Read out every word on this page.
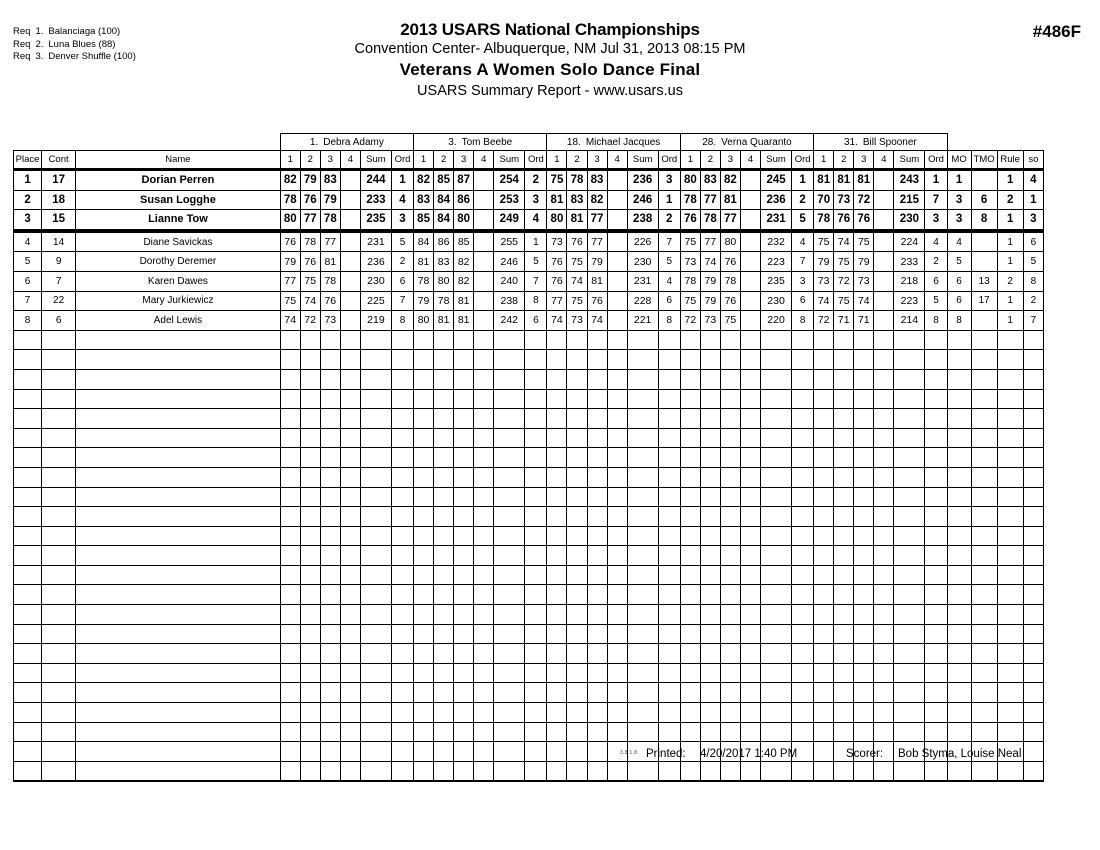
Req 1. Balanciaga (100)
Req 2. Luna Blues (88)
Req 3. Denver Shuffle (100)
2013 USARS National Championships
Convention Center- Albuquerque, NM Jul 31, 2013 08:15 PM
Veterans A Women Solo Dance Final
USARS Summary Report - www.usars.us
#486F
			1. Debra Adamy						3. Tom Beebe						18. Michael Jacques						28. Verna Quaranto						31. Bill Spooner									
Place	Cont	Name	1	2	3	4	Sum	Ord	1	2	3	4	Sum	Ord	1	2	3	4	Sum	Ord	1	2	3	4	Sum	Ord	1	2	3	4	Sum	Ord	MO	TMO	Rule	so
1	17	Dorian Perren	82	79	83		244	1	82	85	87		254	2	75	78	83		236	3	80	83	82		245	1	81	81	81		243	1	1		1	4
2	18	Susan Logghe	78	76	79		233	4	83	84	86		253	3	81	83	82		246	1	78	77	81		236	2	70	73	72		215	7	3	6	2	1
3	15	Lianne Tow	80	77	78		235	3	85	84	80		249	4	80	81	77		238	2	76	78	77		231	5	78	76	76		230	3	3	8	1	3
4	14	Diane Savickas	76	78	77		231	5	84	86	85		255	1	73	76	77		226	7	75	77	80		232	4	75	74	75		224	4	4		1	6
5	9	Dorothy Deremer	79	76	81		236	2	81	83	82		246	5	76	75	79		230	5	73	74	76		223	7	79	75	79		233	2	5		1	5
6	7	Karen Dawes	77	75	78		230	6	78	80	82		240	7	76	74	81		231	4	78	79	78		235	3	73	72	73		218	6	6	13	2	8
7	22	Mary Jurkiewicz	75	74	76		225	7	79	78	81		238	8	77	75	76		228	6	75	79	76		230	6	74	75	74		223	5	6	17	1	2
8	6	Adel Lewis	74	72	73		219	8	80	81	81		242	6	74	73	74		221	8	72	73	75		220	8	72	71	71		214	8	8		1	7

3.8.1.8 Printed: 4/20/2017 1:40 PM	Scorer: Bob Styma, Louise Neal
